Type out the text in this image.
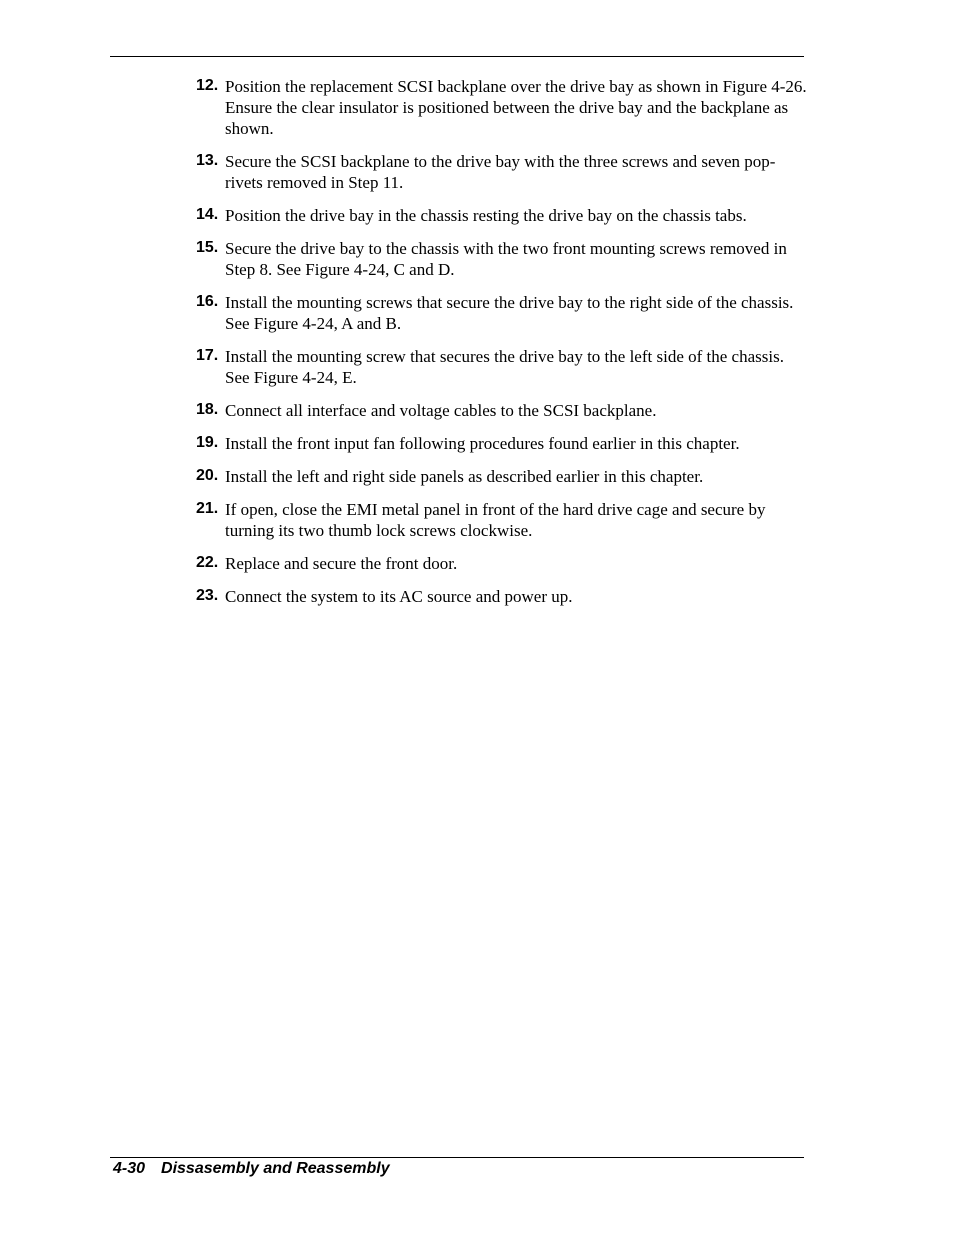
12. Position the replacement SCSI backplane over the drive bay as shown in Figure 4-26. Ensure the clear insulator is positioned between the drive bay and the backplane as shown.
13. Secure the SCSI backplane to the drive bay with the three screws and seven pop-rivets removed in Step 11.
14. Position the drive bay in the chassis resting the drive bay on the chassis tabs.
15. Secure the drive bay to the chassis with the two front mounting screws removed in Step 8. See Figure 4-24, C and D.
16. Install the mounting screws that secure the drive bay to the right side of the chassis. See Figure 4-24, A and B.
17. Install the mounting screw that secures the drive bay to the left side of the chassis. See Figure 4-24, E.
18. Connect all interface and voltage cables to the SCSI backplane.
19. Install the front input fan following procedures found earlier in this chapter.
20. Install the left and right side panels as described earlier in this chapter.
21. If open, close the EMI metal panel in front of the hard drive cage and secure by turning its two thumb lock screws clockwise.
22. Replace and secure the front door.
23. Connect the system to its AC source and power up.
4-30 Dissasembly and Reassembly
